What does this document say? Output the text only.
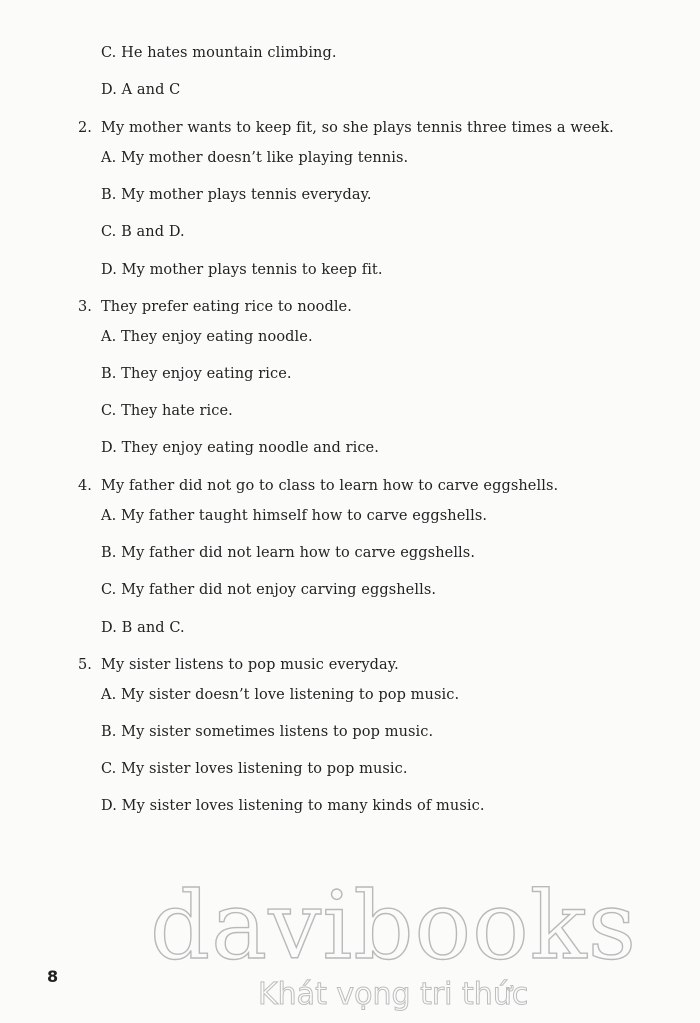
C. He hates mountain climbing.
D. A and C
2. My mother wants to keep fit, so she plays tennis three times a week.
A. My mother doesn’t like playing tennis.
B. My mother plays tennis everyday.
C. B and D.
D. My mother plays tennis to keep fit.
3. They prefer eating rice to noodle.
A. They enjoy eating noodle.
B. They enjoy eating rice.
C. They hate rice.
D. They enjoy eating noodle and rice.
4. My father did not go to class to learn how to carve eggshells.
A. My father taught himself how to carve eggshells.
B. My father did not learn how to carve eggshells.
C. My father did not enjoy carving eggshells.
D. B and C.
5. My sister listens to pop music everyday.
A. My sister doesn’t love listening to pop music.
B. My sister sometimes listens to pop music.
C. My sister loves listening to pop music.
D. My sister loves listening to many kinds of music.
davibooks
Khát vọng tri thức
8
